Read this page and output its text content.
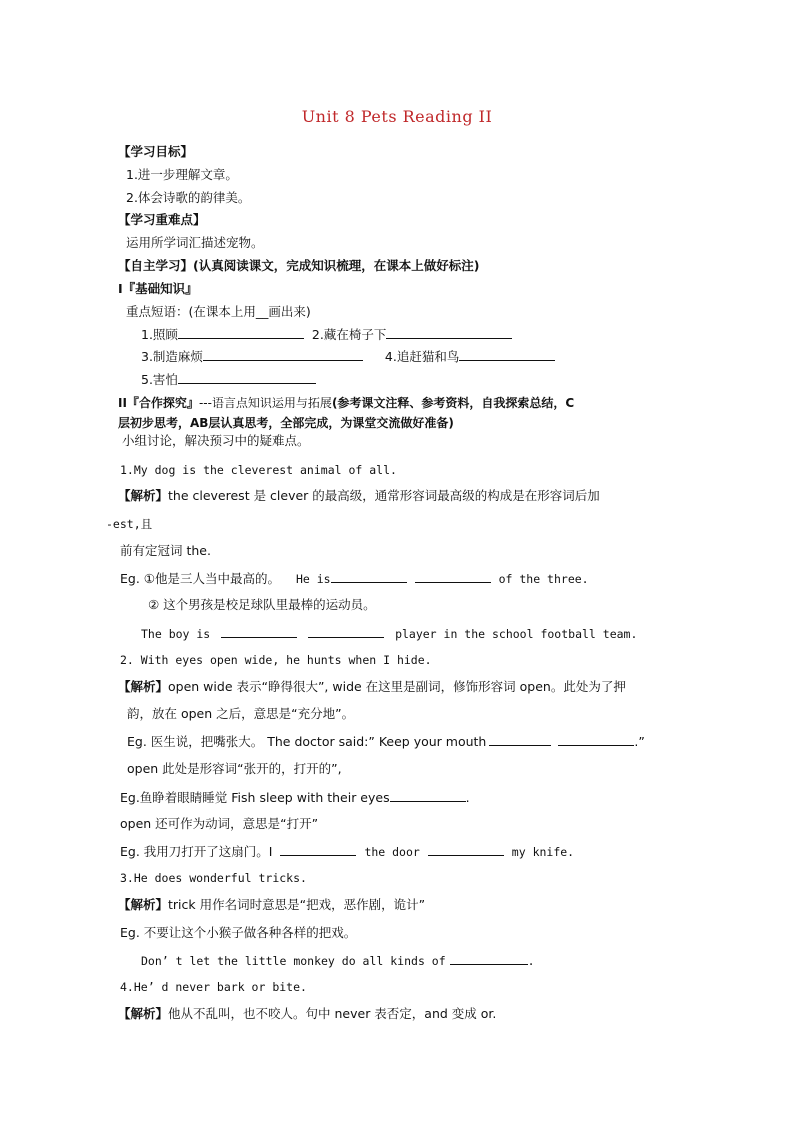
Unit 8 Pets Reading II
【学习目标】
1.进一步理解文章。
2.体会诗歌的韵律美。
【学习重难点】
运用所学词汇描述宠物。
【自主学习】(认真阅读课文，完成知识梳理，在课本上做好标注)
I『基础知识』
重点短语：(在课本上用__画出来)
1.照顾	2.藏在椅子下
3.制造麻烦	4.追赶猫和鸟
5.害怕
II『合作探究』---语言点知识运用与拓展(参考课文注释、参考资料，自我探索总结，C
层初步思考，AB层认真思考，全部完成，为课堂交流做好准备)
小组讨论，解决预习中的疑难点。
1.My dog is the cleverest animal of all.
【解析】the cleverest 是 clever 的最高级，通常形容词最高级的构成是在形容词后加
-est,且
前有定冠词 the.
Eg. ①他是三人当中最高的。 He is	of the three.
② 这个男孩是校足球队里最棒的运动员。
The boy is	player in the school football team.
2. With eyes open wide, he hunts when I hide.
【解析】open wide 表示“睁得很大”, wide 在这里是副词，修饰形容词 open。此处为了押
韵，放在 open 之后，意思是“充分地”。
Eg. 医生说，把嘴张大。 The doctor said:” Keep your mouth	.”
open 此处是形容词“张开的，打开的”,
Eg.鱼睁着眼睛睡觉 Fish sleep with their eyes	.
open 还可作为动词，意思是“打开”
Eg. 我用刀打开了这扇门。I	the door	my knife.
3.He does wonderful tricks.
【解析】trick 用作名词时意思是“把戏，恶作剧，诡计”
Eg. 不要让这个小猴子做各种各样的把戏。
Don’ t let the little monkey do all kinds of	.
4.He’ d never bark or bite.
【解析】他从不乱叫，也不咬人。句中 never 表否定，and 变成 or.
